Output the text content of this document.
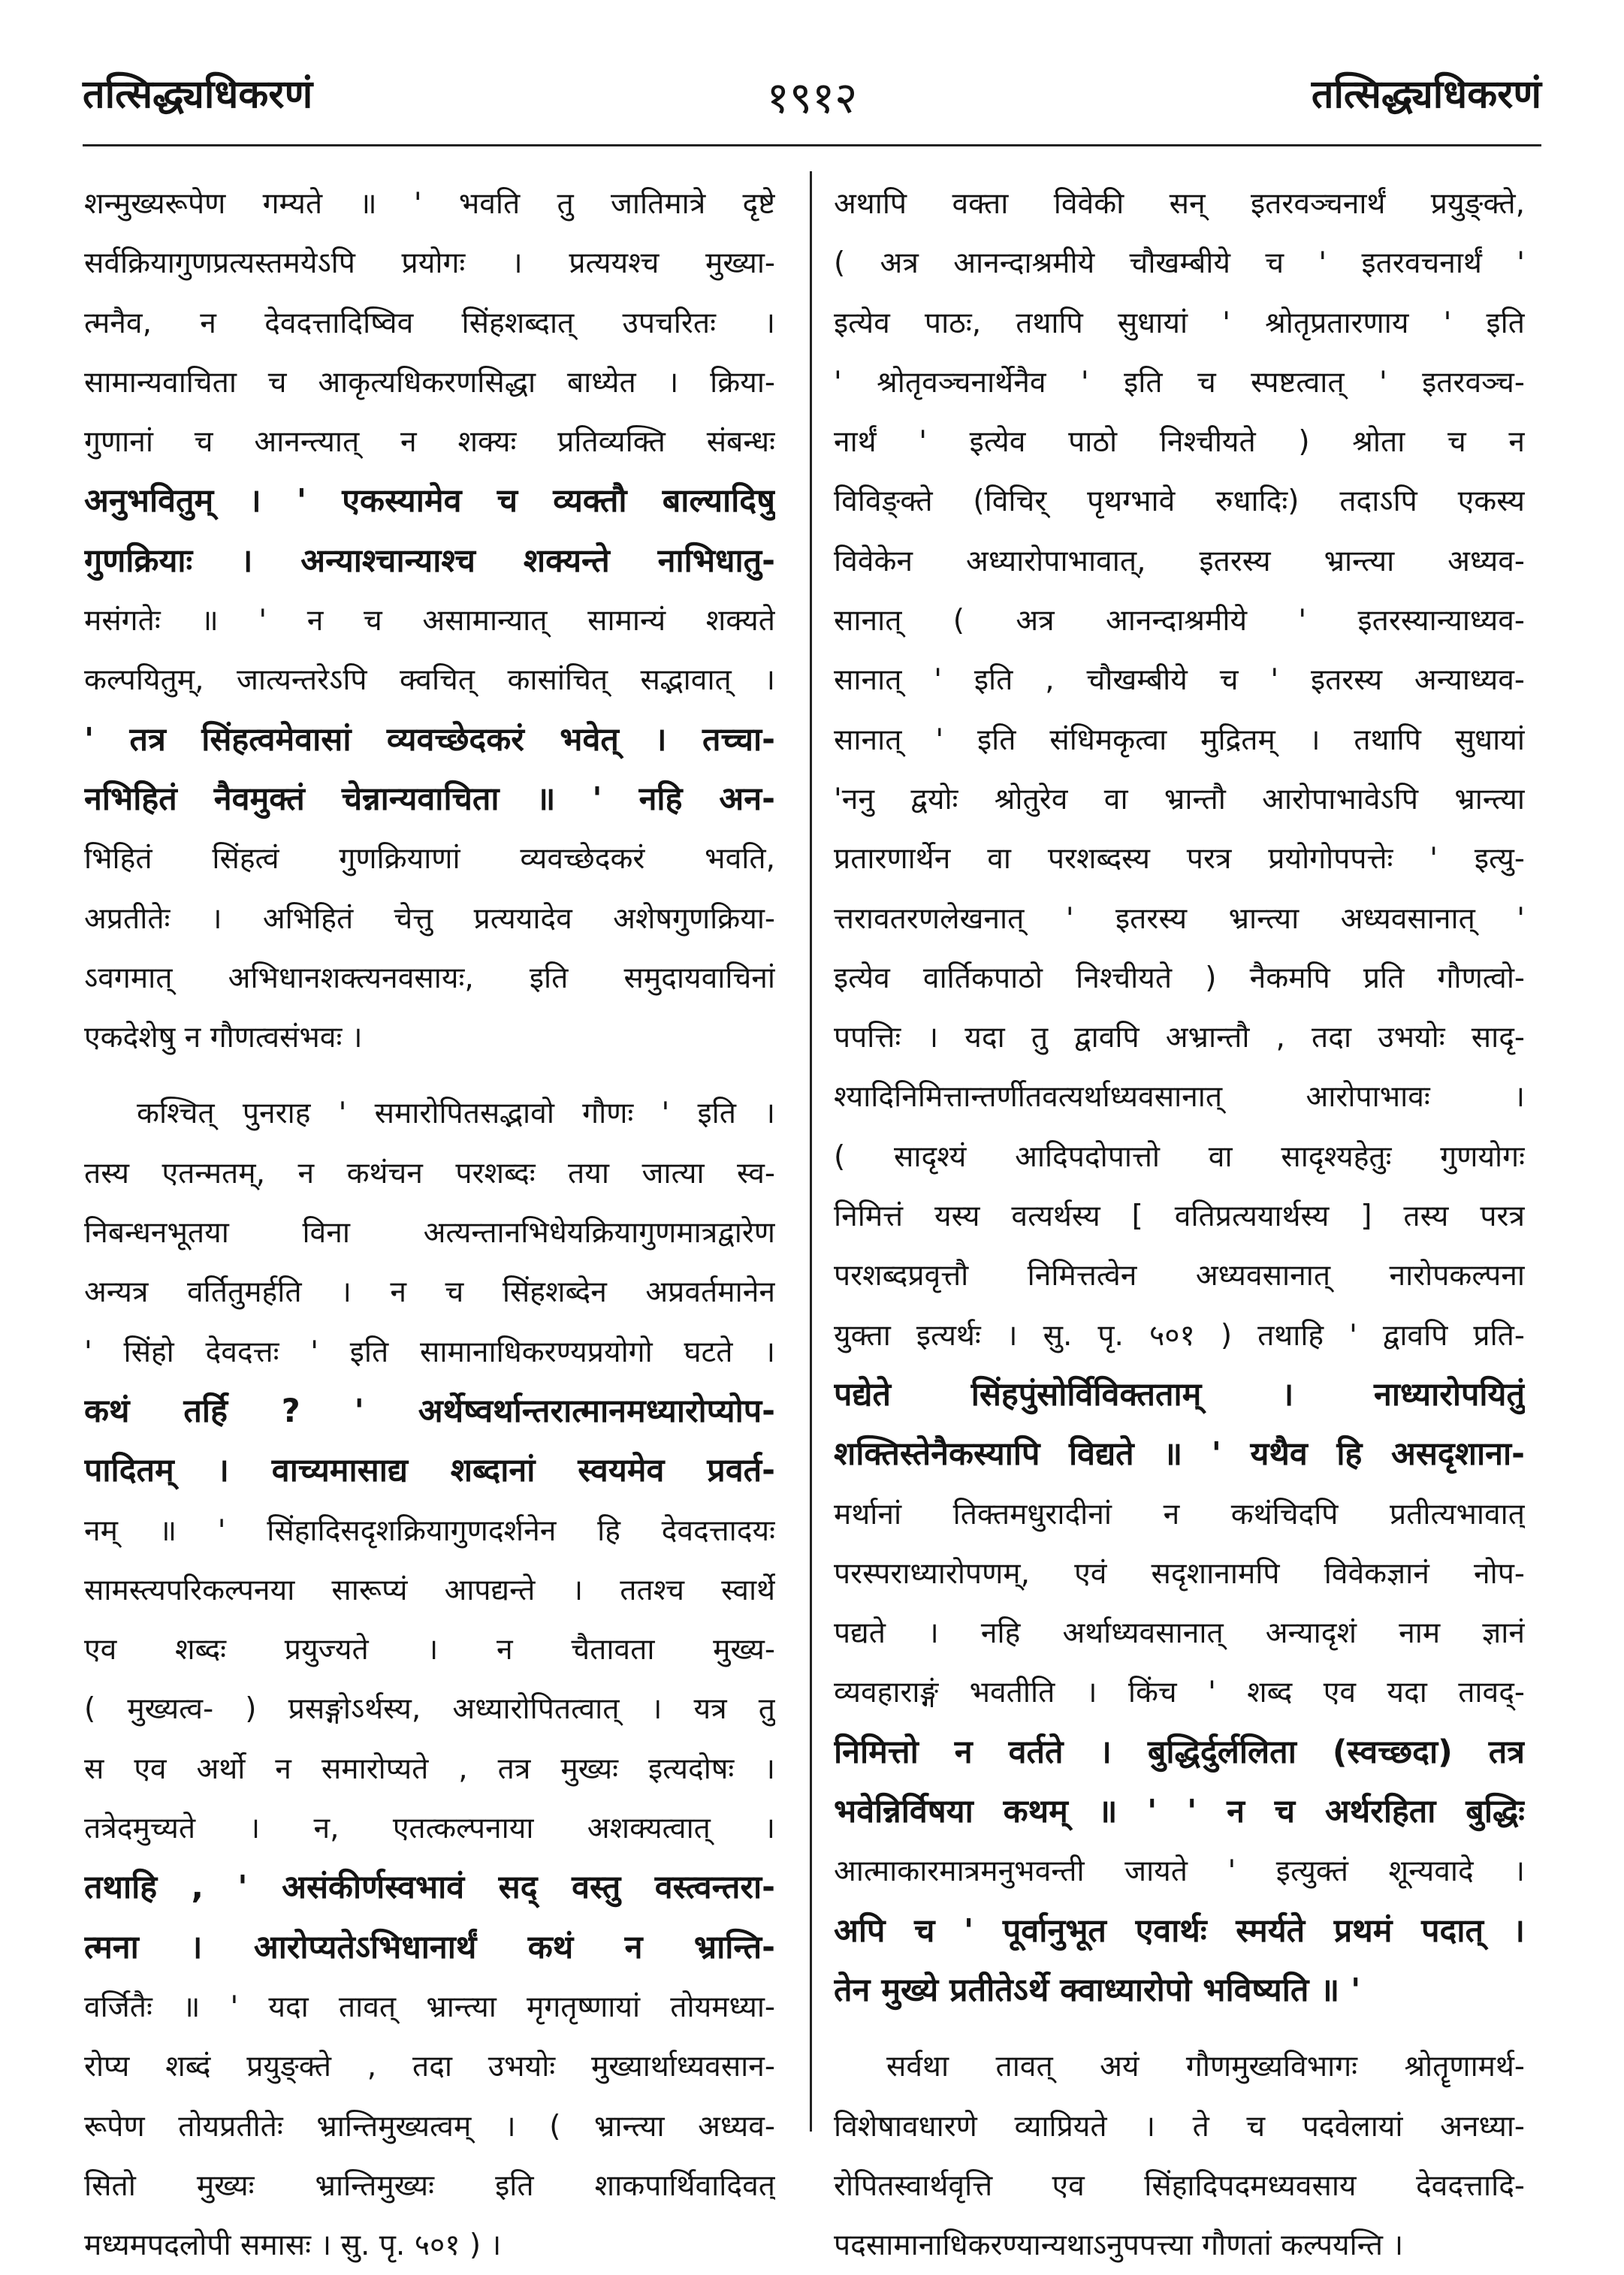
तत्सिद्ध्यधिकरणं	१९१२	तत्सिद्ध्यधिकरणं
शन्मुख्यरूपेण गम्यते ॥ ' भवति तु जातिमात्रे दृष्टे
सर्वक्रियागुणप्रत्यस्तमयेऽपि प्रयोगः । प्रत्ययश्च मुख्या-
त्मनैव, न देवदत्तादिष्विव सिंहशब्दात् उपचरितः ।
सामान्यवाचिता च आकृत्यधिकरणसिद्धा बाध्येत । क्रिया-
गुणानां च आनन्त्यात् न शक्यः प्रतिव्यक्ति संबन्धः
अनुभवितुम् । ' एकस्यामेव च व्यक्तौ बाल्यादिषु
गुणक्रियाः । अन्याश्चान्याश्च शक्यन्ते नाभिधातु-
मसंगतेः ॥ ' न च असामान्यात् सामान्यं शक्यते
कल्पयितुम्, जात्यन्तरेऽपि क्वचित् कासांचित् सद्भावात् ।
' तत्र सिंहत्वमेवासां व्यवच्छेदकरं भवेत् । तच्चा-
नभिहितं नैवमुक्तं चेन्नान्यवाचिता ॥ ' नहि अन-
भिहितं सिंहत्वं गुणक्रियाणां व्यवच्छेदकरं भवति,
अप्रतीतेः । अभिहितं चेत्तु प्रत्ययादेव अशेषगुणक्रिया-
ऽवगमात् अभिधानशक्त्यनवसायः, इति समुदायवाचिनां
एकदेशेषु न गौणत्वसंभवः ।
कश्चित् पुनराह ' समारोपितसद्भावो गौणः ' इति ।
तस्य एतन्मतम्, न कथंचन परशब्दः तया जात्या स्व-
निबन्धनभूतया विना अत्यन्तानभिधेयक्रियागुणमात्रद्वारेण
अन्यत्र वर्तितुमर्हति । न च सिंहशब्देन अप्रवर्तमानेन
' सिंहो देवदत्तः ' इति सामानाधिकरण्यप्रयोगो घटते ।
कथं तर्हि ? ' अर्थेष्वर्थान्तरात्मानमध्यारोप्योप-
पादितम् । वाच्यमासाद्य शब्दानां स्वयमेव प्रवर्त-
नम् ॥ ' सिंहादिसदृशक्रियागुणदर्शनेन हि देवदत्तादयः
सामस्त्यपरिकल्पनया सारूप्यं आपद्यन्ते । ततश्च स्वार्थे
एव शब्दः प्रयुज्यते । न चैतावता मुख्य-
( मुख्यत्व- ) प्रसङ्गोऽर्थस्य, अध्यारोपितत्वात् । यत्र तु
स एव अर्थो न समारोप्यते , तत्र मुख्यः इत्यदोषः ।
तत्रेदमुच्यते । न, एतत्कल्पनाया अशक्यत्वात् ।
तथाहि , ' असंकीर्णस्वभावं सद् वस्तु वस्त्वन्तरा-
त्मना । आरोप्यतेऽभिधानार्थं कथं न भ्रान्ति-
वर्जितैः ॥ ' यदा तावत् भ्रान्त्या मृगतृष्णायां तोयमध्या-
रोप्य शब्दं प्रयुङ्क्ते , तदा उभयोः मुख्यार्थाध्यवसान-
रूपेण तोयप्रतीतेः भ्रान्तिमुख्यत्वम् । ( भ्रान्त्या अध्यव-
सितो मुख्यः भ्रान्तिमुख्यः इति शाकपार्थिवादिवत्
मध्यमपदलोपी समासः । सु. पृ. ५०१ ) ।
अथापि वक्ता विवेकी सन् इतरवञ्चनार्थं प्रयुङ्क्ते,
( अत्र आनन्दाश्रमीये चौखम्बीये च ' इतरवचनार्थं '
इत्येव पाठः, तथापि सुधायां ' श्रोतृप्रतारणाय ' इति
' श्रोतृवञ्चनार्थेनैव ' इति च स्पष्टत्वात् ' इतरवञ्च-
नार्थं ' इत्येव पाठो निश्चीयते ) श्रोता च न
विविङ्क्ते (विचिर् पृथग्भावे रुधादिः) तदाऽपि एकस्य
विवेकेन अध्यारोपाभावात्, इतरस्य भ्रान्त्या अध्यव-
सानात् ( अत्र आनन्दाश्रमीये ' इतरस्यान्याध्यव-
सानात् ' इति , चौखम्बीये च ' इतरस्य अन्याध्यव-
सानात् ' इति संधिमकृत्वा मुद्रितम् । तथापि सुधायां
'ननु द्वयोः श्रोतुरेव वा भ्रान्तौ आरोपाभावेऽपि भ्रान्त्या
प्रतारणार्थेन वा परशब्दस्य परत्र प्रयोगोपपत्तेः ' इत्यु-
त्तरावतरणलेखनात् ' इतरस्य भ्रान्त्या अध्यवसानात् '
इत्येव वार्तिकपाठो निश्चीयते ) नैकमपि प्रति गौणत्वो-
पपत्तिः । यदा तु द्वावपि अभ्रान्तौ , तदा उभयोः सादृ-
श्यादिनिमित्तान्तर्णीतवत्यर्थाध्यवसानात् आरोपाभावः ।
( सादृश्यं आदिपदोपात्तो वा सादृश्यहेतुः गुणयोगः
निमित्तं यस्य वत्यर्थस्य [ वतिप्रत्ययार्थस्य ] तस्य परत्र
परशब्दप्रवृत्तौ निमित्तत्वेन अध्यवसानात् नारोपकल्पना
युक्ता इत्यर्थः । सु. पृ. ५०१ ) तथाहि ' द्वावपि प्रति-
पद्येते सिंहपुंसोर्विविक्तताम् । नाध्यारोपयितुं
शक्तिस्तेनैकस्यापि विद्यते ॥ ' यथैव हि असदृशाना-
मर्थानां तिक्तमधुरादीनां न कथंचिदपि प्रतीत्यभावात्
परस्पराध्यारोपणम्, एवं सदृशानामपि विवेकज्ञानं नोप-
पद्यते । नहि अर्थाध्यवसानात् अन्यादृशं नाम ज्ञानं
व्यवहाराङ्गं भवतीति । किंच ' शब्द एव यदा तावद्-
निमित्तो न वर्तते । बुद्धिर्दुर्ललिता (स्वच्छदा) तत्र
भवेन्निर्विषया कथम् ॥ ' ' न च अर्थरहिता बुद्धिः
आत्माकारमात्रमनुभवन्ती जायते ' इत्युक्तं शून्यवादे ।
अपि च ' पूर्वानुभूत एवार्थः स्मर्यते प्रथमं पदात् ।
तेन मुख्ये प्रतीतेऽर्थे क्वाध्यारोपो भविष्यति ॥ '
सर्वथा तावत् अयं गौणमुख्यविभागः श्रोतॄणामर्थ-
विशेषावधारणे व्याप्रियते । ते च पदवेलायां अनध्या-
रोपितस्वार्थवृत्ति एव सिंहादिपदमध्यवसाय देवदत्तादि-
पदसामानाधिकरण्यान्यथाऽनुपपत्त्या गौणतां कल्पयन्ति ।
